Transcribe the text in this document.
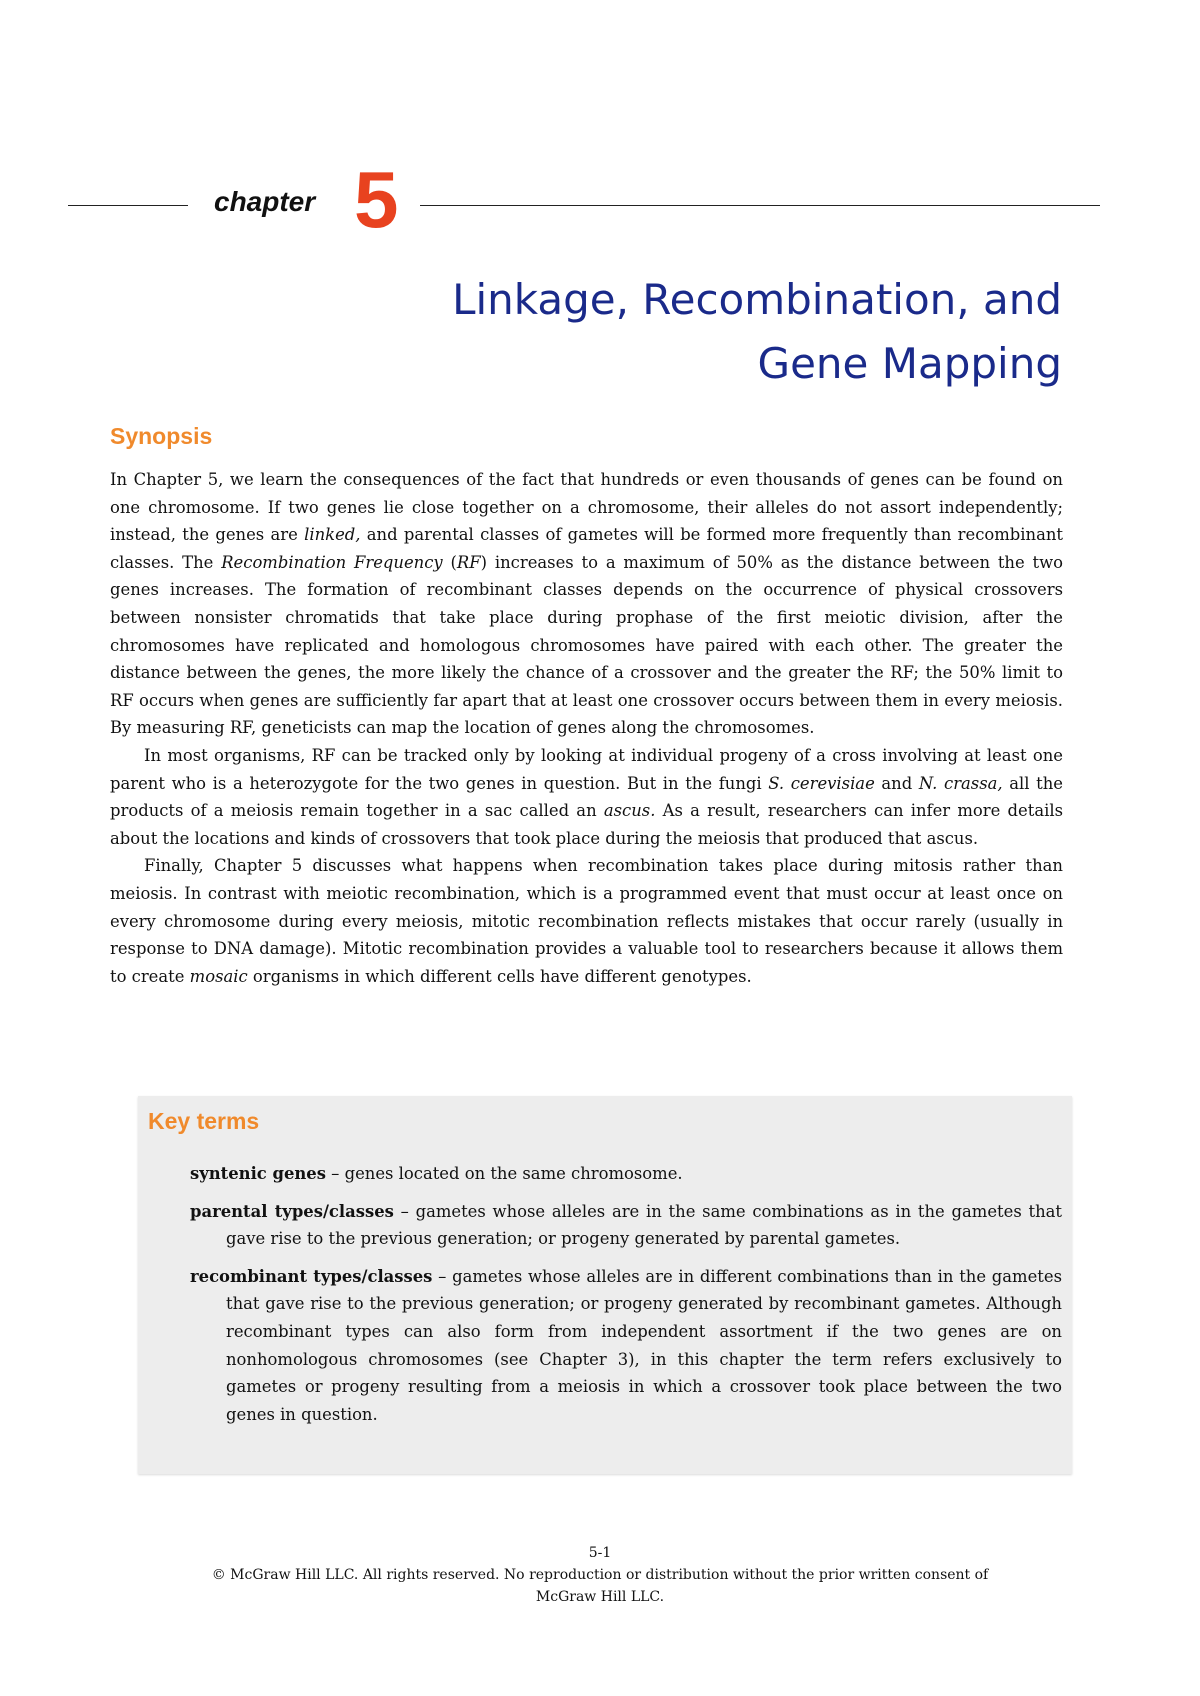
chapter 5
Linkage, Recombination, and
Gene Mapping
Synopsis

In Chapter 5, we learn the consequences of the fact that hundreds or even thousands of genes can be found on one chromosome. If two genes lie close together on a chromosome, their alleles do not assort independently; instead, the genes are linked, and parental classes of gametes will be formed more frequently than recombinant classes. The Recombination Frequency (RF) increases to a maximum of 50% as the distance between the two genes increases. The formation of recombinant classes depends on the occurrence of physical crossovers between nonsister chromatids that take place during prophase of the first meiotic division, after the chromosomes have replicated and homologous chromosomes have paired with each other. The greater the distance between the genes, the more likely the chance of a crossover and the greater the RF; the 50% limit to RF occurs when genes are sufficiently far apart that at least one crossover occurs between them in every meiosis. By measuring RF, geneticists can map the location of genes along the chromosomes.

In most organisms, RF can be tracked only by looking at individual progeny of a cross involving at least one parent who is a heterozygote for the two genes in question. But in the fungi S. cerevisiae and N. crassa, all the products of a meiosis remain together in a sac called an ascus. As a result, researchers can infer more details about the locations and kinds of crossovers that took place during the meiosis that produced that ascus.

Finally, Chapter 5 discusses what happens when recombination takes place during mitosis rather than meiosis. In contrast with meiotic recombination, which is a programmed event that must occur at least once on every chromosome during every meiosis, mitotic recombination reflects mistakes that occur rarely (usually in response to DNA damage). Mitotic recombination provides a valuable tool to researchers because it allows them to create mosaic organisms in which different cells have different genotypes.

Key terms

syntenic genes – genes located on the same chromosome.

parental types/classes – gametes whose alleles are in the same combinations as in the gametes that gave rise to the previous generation; or progeny generated by parental gametes.

recombinant types/classes – gametes whose alleles are in different combinations than in the gametes that gave rise to the previous generation; or progeny generated by recombinant gametes. Although recombinant types can also form from independent assortment if the two genes are on nonhomologous chromosomes (see Chapter 3), in this chapter the term refers exclusively to gametes or progeny resulting from a meiosis in which a crossover took place between the two genes in question.

5-1
© McGraw Hill LLC. All rights reserved. No reproduction or distribution without the prior written consent of
McGraw Hill LLC.
